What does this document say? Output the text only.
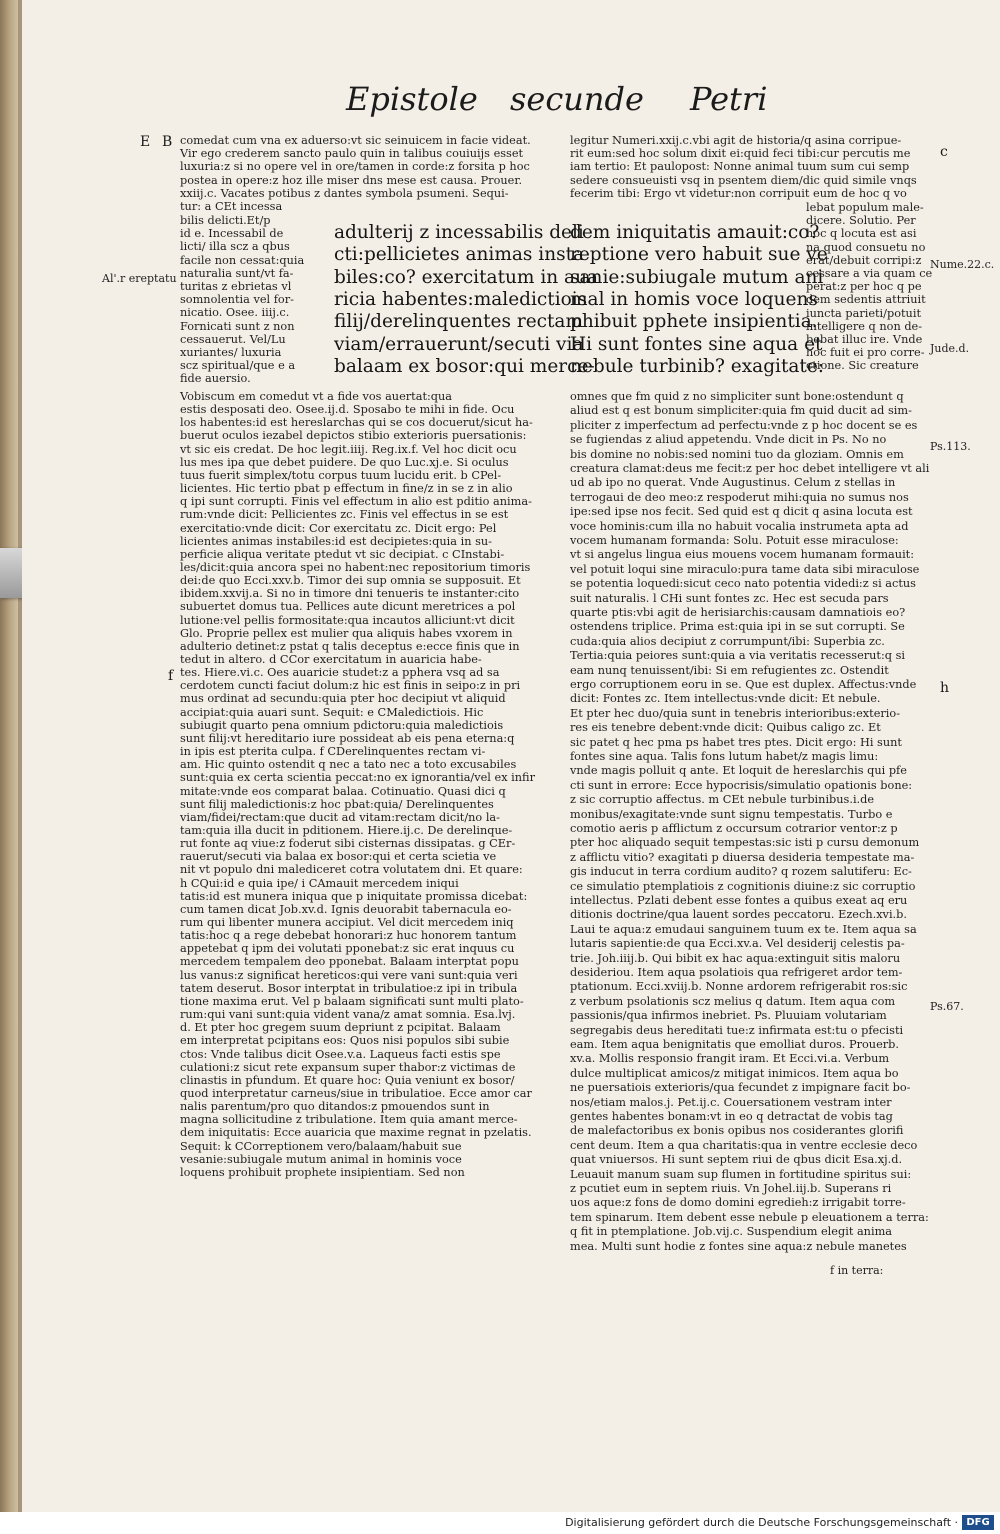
Epistole secunde Petri
E B
f
c
h
f in terra:
Al'.r ereptatu
Nume.22.c.
Jude.d.
Ps.113.
Ps.67.
comedat cum vna ex aduerso:vt sic seinuicem in facie videat.
Vir ego crederem sancto paulo quin in talibus couiuijs esset
luxuria:z si no opere vel in ore/tamen in corde:z forsita p hoc
postea in opere:z hoz ille miser dns mese est causa. Prouer.
xxiij.c. Vacates potibus z dantes symbola psumeni. Sequi-
tur: a CEt incessa
bilis delicti.Et/p
id e. Incessabil de
licti/ illa scz a qbus
facile non cessat:quia
naturalia sunt/vt fa-
turitas z ebrietas vl
somnolentia vel for-
nicatio. Osee. iiij.c.
Fornicati sunt z non
cessauerut. Vel/Lu
xuriantes/ luxuria
scz spiritual/que e a
fide auersio.
adulterij z incessabilis deli
cti:pellicietes animas insta
biles:co? exercitatum in aua
ricia habentes:maledictiois
filij/derelinquentes rectam
viam/errauerunt/secuti via
balaam ex bosor:qui merce-
Vobiscum em comedut vt a fide vos auertat:qua
estis desposati deo. Osee.ij.d. Sposabo te mihi in fide. Ocu
los habentes:id est hereslarchas qui se cos docuerut/sicut ha-
buerut oculos iezabel depictos stibio exterioris puersationis:
vt sic eis credat. De hoc legit.iiij. Reg.ix.f. Vel hoc dicit ocu
lus mes ipa que debet puidere. De quo Luc.xj.e. Si oculus
tuus fuerit simplex/totu corpus tuum lucidu erit. b CPel-
licientes. Hic tertio pbat p effectum in fine/z in se z in alio
q ipi sunt corrupti. Finis vel effectum in alio est pditio anima-
rum:vnde dicit: Pellicientes zc. Finis vel effectus in se est
exercitatio:vnde dicit: Cor exercitatu zc. Dicit ergo: Pel
licientes animas instabiles:id est decipietes:quia in su-
perficie aliqua veritate ptedut vt sic decipiat. c CInstabi-
les/dicit:quia ancora spei no habent:nec repositorium timoris
dei:de quo Ecci.xxv.b. Timor dei sup omnia se supposuit. Et
ibidem.xxvij.a. Si no in timore dni tenueris te instanter:cito
subuertet domus tua. Pellices aute dicunt meretrices a pol
lutione:vel pellis formositate:qua incautos alliciunt:vt dicit
Glo. Proprie pellex est mulier qua aliquis habes vxorem in
adulterio detinet:z pstat q talis deceptus e:ecce finis que in
tedut in altero. d CCor exercitatum in auaricia habe-
tes. Hiere.vi.c. Oes auaricie studet:z a pphera vsq ad sa
cerdotem cuncti faciut dolum:z hic est finis in seipo:z in pri
mus ordinat ad secundu:quia pter hoc decipiut vt aliquid
accipiat:quia auari sunt. Sequit: e CMaledictiois. Hic
subiugit quarto pena omnium pdictoru:quia maledictiois
sunt filij:vt hereditario iure possideat ab eis pena eterna:q
in ipis est pterita culpa. f CDerelinquentes rectam vi-
am. Hic quinto ostendit q nec a tato nec a toto excusabiles
sunt:quia ex certa scientia peccat:no ex ignorantia/vel ex infir
mitate:vnde eos comparat balaa. Cotinuatio. Quasi dici q
sunt filij maledictionis:z hoc pbat:quia/ Derelinquentes
viam/fidei/rectam:que ducit ad vitam:rectam dicit/no la-
tam:quia illa ducit in pditionem. Hiere.ij.c. De derelinque-
rut fonte aq viue:z foderut sibi cisternas dissipatas. g CEr-
rauerut/secuti via balaa ex bosor:qui et certa scietia ve
nit vt populo dni malediceret cotra volutatem dni. Et quare:
h CQui:id e quia ipe/ i CAmauit mercedem iniqui
tatis:id est munera iniqua que p iniquitate promissa dicebat:
cum tamen dicat Job.xv.d. Ignis deuorabit tabernacula eo-
rum qui libenter munera accipiut. Vel dicit mercedem iniq
tatis:hoc q a rege debebat honorari:z huc honorem tantum
appetebat q ipm dei volutati pponebat:z sic erat inquus cu
mercedem tempalem deo pponebat. Balaam interptat popu
lus vanus:z significat hereticos:qui vere vani sunt:quia veri
tatem deserut. Bosor interptat in tribulatioe:z ipi in tribula
tione maxima erut. Vel p balaam significati sunt multi plato-
rum:qui vani sunt:quia vident vana/z amat somnia. Esa.lvj.
d. Et pter hoc gregem suum depriunt z pcipitat. Balaam
em interpretat pcipitans eos: Quos nisi populos sibi subie
ctos: Vnde talibus dicit Osee.v.a. Laqueus facti estis spe
culationi:z sicut rete expansum super thabor:z victimas de
clinastis in pfundum. Et quare hoc: Quia veniunt ex bosor/
quod interpretatur carneus/siue in tribulatioe. Ecce amor car
nalis parentum/pro quo ditandos:z pmouendos sunt in
magna sollicitudine z tribulatione. Item quia amant merce-
dem iniquitatis: Ecce auaricia que maxime regnat in pzelatis.
Sequit: k CCorreptionem vero/balaam/habuit sue
vesanie:subiugale mutum animal in hominis voce
loquens prohibuit prophete insipientiam. Sed non
legitur Numeri.xxij.c.vbi agit de historia/q asina corripue-
rit eum:sed hoc solum dixit ei:quid feci tibi:cur percutis me
iam tertio: Et paulopost: Nonne animal tuum sum cui semp
sedere consueuisti vsq in psentem diem/dic quid simile vnqs
fecerim tibi: Ergo vt videtur:non corripuit eum de hoc q vo
dem iniquitatis amauit:co?
reptione vero habuit sue ve
sanie:subiugale mutum ani
mal in homis voce loquens
phibuit pphete insipientia.
Hi sunt fontes sine aqua et
nebule turbinib? exagitate:
lebat populum male-
dicere. Solutio. Per
hoc q locuta est asi
na quod consuetu no
erat/debuit corripi:z
cessare a via quam ce
perat:z per hoc q pe
dem sedentis attriuit
iuncta parieti/potuit
intelligere q non de-
bebat illuc ire. Vnde
hoc fuit ei pro corre-
ctione. Sic creature
omnes que fm quid z no simpliciter sunt bone:ostendunt q
aliud est q est bonum simpliciter:quia fm quid ducit ad sim-
pliciter z imperfectum ad perfectu:vnde z p hoc docent se es
se fugiendas z aliud appetendu. Vnde dicit in Ps. No no
bis domine no nobis:sed nomini tuo da gloziam. Omnis em
creatura clamat:deus me fecit:z per hoc debet intelligere vt ali
ud ab ipo no querat. Vnde Augustinus. Celum z stellas in
terrogaui de deo meo:z respoderut mihi:quia no sumus nos
ipe:sed ipse nos fecit. Sed quid est q dicit q asina locuta est
voce hominis:cum illa no habuit vocalia instrumeta apta ad
vocem humanam formanda: Solu. Potuit esse miraculose:
vt si angelus lingua eius mouens vocem humanam formauit:
vel potuit loqui sine miraculo:pura tame data sibi miraculose
se potentia loquedi:sicut ceco nato potentia videdi:z si actus
suit naturalis. l CHi sunt fontes zc. Hec est secuda pars
quarte ptis:vbi agit de herisiarchis:causam damnatiois eo?
ostendens triplice. Prima est:quia ipi in se sut corrupti. Se
cuda:quia alios decipiut z corrumpunt/ibi: Superbia zc.
Tertia:quia peiores sunt:quia a via veritatis recesserut:q si
eam nunq tenuissent/ibi: Si em refugientes zc. Ostendit
ergo corruptionem eoru in se. Que est duplex. Affectus:vnde
dicit: Fontes zc. Item intellectus:vnde dicit: Et nebule.
Et pter hec duo/quia sunt in tenebris interioribus:exterio-
res eis tenebre debent:vnde dicit: Quibus caligo zc. Et
sic patet q hec pma ps habet tres ptes. Dicit ergo: Hi sunt
fontes sine aqua. Talis fons lutum habet/z magis limu:
vnde magis polluit q ante. Et loquit de hereslarchis qui pfe
cti sunt in errore: Ecce hypocrisis/simulatio opationis bone:
z sic corruptio affectus. m CEt nebule turbinibus.i.de
monibus/exagitate:vnde sunt signu tempestatis. Turbo e
comotio aeris p afflictum z occursum cotrarior ventor:z p
pter hoc aliquado sequit tempestas:sic isti p cursu demonum
z afflictu vitio? exagitati p diuersa desideria tempestate ma-
gis inducut in terra cordium audito? q rozem salutiferu: Ec-
ce simulatio ptemplatiois z cognitionis diuine:z sic corruptio
intellectus. Pzlati debent esse fontes a quibus exeat aq eru
ditionis doctrine/qua lauent sordes peccatoru. Ezech.xvi.b.
Laui te aqua:z emudaui sanguinem tuum ex te. Item aqua sa
lutaris sapientie:de qua Ecci.xv.a. Vel desiderij celestis pa-
trie. Joh.iiij.b. Qui bibit ex hac aqua:extinguit sitis maloru
desideriou. Item aqua psolatiois qua refrigeret ardor tem-
ptationum. Ecci.xviij.b. Nonne ardorem refrigerabit ros:sic
z verbum psolationis scz melius q datum. Item aqua com
passionis/qua infirmos inebriet. Ps. Pluuiam volutariam
segregabis deus hereditati tue:z infirmata est:tu o pfecisti
eam. Item aqua benignitatis que emolliat duros. Prouerb.
xv.a. Mollis responsio frangit iram. Et Ecci.vi.a. Verbum
dulce multiplicat amicos/z mitigat inimicos. Item aqua bo
ne puersatiois exterioris/qua fecundet z impignare facit bo-
nos/etiam malos.j. Pet.ij.c. Couersationem vestram inter
gentes habentes bonam:vt in eo q detractat de vobis tag
de malefactoribus ex bonis opibus nos cosiderantes glorifi
cent deum. Item a qua charitatis:qua in ventre ecclesie deco
quat vniuersos. Hi sunt septem riui de qbus dicit Esa.xj.d.
Leuauit manum suam sup flumen in fortitudine spiritus sui:
z pcutiet eum in septem riuis. Vn Johel.iij.b. Superans ri
uos aque:z fons de domo domini egredieh:z irrigabit torre-
tem spinarum. Item debent esse nebule p eleuationem a terra:
q fit in ptemplatione. Job.vij.c. Suspendium elegit anima
mea. Multi sunt hodie z fontes sine aqua:z nebule manetes
Digitalisierung gefördert durch die Deutsche Forschungsgemeinschaft · DFG
